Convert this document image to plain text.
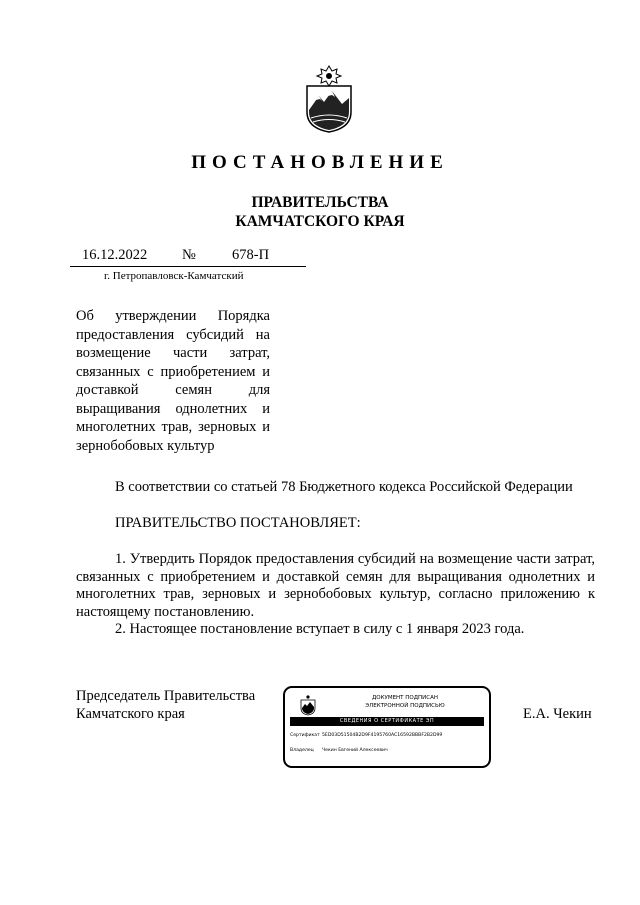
ПОСТАНОВЛЕНИЕ
ПРАВИТЕЛЬСТВА
КАМЧАТСКОГО КРАЯ
16.12.2022 № 678-П
г. Петропавловск-Камчатский
Об утверждении Порядка предоставления субсидий на возмещение части затрат, связанных с приобретением и доставкой семян для выращивания однолетних и многолетних трав, зерновых и зернобобовых культур
В соответствии со статьей 78 Бюджетного кодекса Российской Федерации
ПРАВИТЕЛЬСТВО ПОСТАНОВЛЯЕТ:
1. Утвердить Порядок предоставления субсидий на возмещение части затрат, связанных с приобретением и доставкой семян для выращивания однолетних и многолетних трав, зерновых и зернобобовых культур, согласно приложению к настоящему постановлению.
2. Настоящее постановление вступает в силу с 1 января 2023 года.
Председатель Правительства
Камчатского края	Е.А. Чекин
ДОКУМЕНТ ПОДПИСАН
ЭЛЕКТРОННОЙ ПОДПИСЬЮ
СВЕДЕНИЯ О СЕРТИФИКАТЕ ЭП
Сертификат 5ED03D51504B2D9F4195760AC16592BBBF2B2D99
Владелец Чекин Евгений Алексеевич
